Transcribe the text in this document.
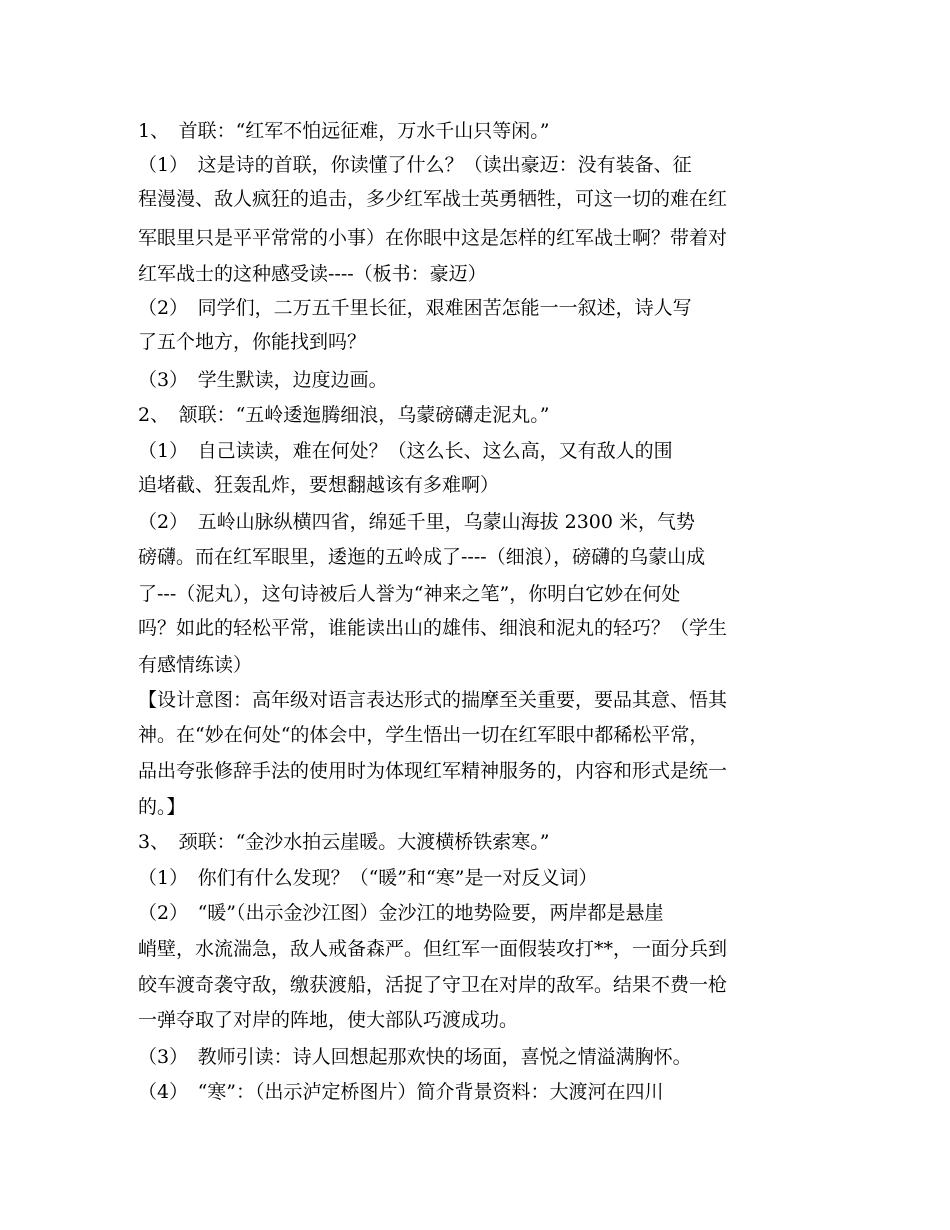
1、　首联：“红军不怕远征难，万水千山只等闲。”
（1）　这是诗的首联，你读懂了什么？（读出豪迈：没有装备、征
程漫漫、敌人疯狂的追击，多少红军战士英勇牺牲，可这一切的难在红
军眼里只是平平常常的小事）在你眼中这是怎样的红军战士啊？带着对
红军战士的这种感受读----（板书：豪迈）
（2）　同学们，二万五千里长征，艰难困苦怎能一一叙述，诗人写
了五个地方，你能找到吗？
（3）　学生默读，边度边画。
2、　颔联：“五岭逶迤腾细浪，乌蒙磅礴走泥丸。”
（1）　自己读读，难在何处？（这么长、这么高，又有敌人的围
追堵截、狂轰乱炸，要想翻越该有多难啊）
（2）　五岭山脉纵横四省，绵延千里，乌蒙山海拔 2300 米，气势
磅礴。而在红军眼里，逶迤的五岭成了----（细浪），磅礴的乌蒙山成
了---（泥丸），这句诗被后人誉为“神来之笔”，你明白它妙在何处
吗？如此的轻松平常，谁能读出山的雄伟、细浪和泥丸的轻巧？（学生
有感情练读）
【设计意图：高年级对语言表达形式的揣摩至关重要，要品其意、悟其
神。在“妙在何处“的体会中，学生悟出一切在红军眼中都稀松平常，
品出夸张修辞手法的使用时为体现红军精神服务的，内容和形式是统一
的。】
3、　颈联：“金沙水拍云崖暖。大渡横桥铁索寒。”
（1）　你们有什么发现？（“暖”和“寒”是一对反义词）
（2）　“暖”（出示金沙江图）金沙江的地势险要，两岸都是悬崖
峭壁，水流湍急，敌人戒备森严。但红军一面假装攻打**，一面分兵到
皎车渡奇袭守敌，缴获渡船，活捉了守卫在对岸的敌军。结果不费一枪
一弹夺取了对岸的阵地，使大部队巧渡成功。
（3）　教师引读：诗人回想起那欢快的场面，喜悦之情溢满胸怀。
（4）　“寒”：（出示泸定桥图片）简介背景资料：大渡河在四川
